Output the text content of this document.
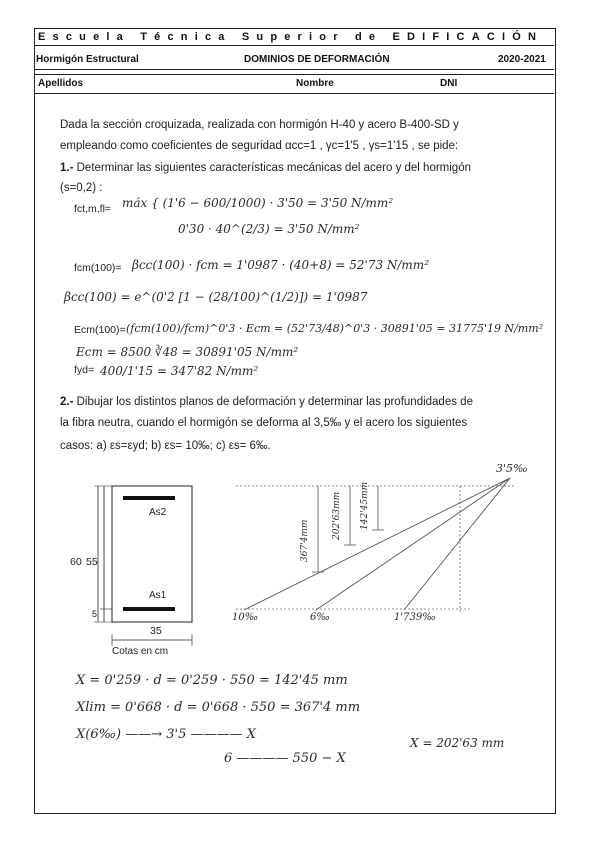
Escuela Técnica Superior de EDIFICACIÓN
Hormigón Estructural	DOMINIOS DE DEFORMACIÓN	2020-2021
Apellidos	Nombre	DNI
Dada la sección croquizada, realizada con hormigón H-40 y acero B-400-SD y
empleando como coeficientes de seguridad αcc=1 , γc=1'5 , γs=1'15 , se pide:
1.- Determinar las siguientes características mecánicas del acero y del hormigón
(s=0,2) :
fct,m,fl= máx { (1'6 − 600/1000) · 3'50 = 3'50 N/mm²
0'30 · 40^(2/3) = 3'50 N/mm²
fcm(100)= βcc(100) · fcm = 1'0987 · (40+8) = 52'73 N/mm²
βcc(100) = e^(0'2 [1 − (28/100)^(1/2)]) = 1'0987
Ecm(100)= (fcm(100)/fcm)^0'3 · Ecm = (52'73/48)^0'3 · 30891'05 = 31775'19 N/mm²
Ecm = 8500 ∛48 = 30891'05 N/mm²
fyd= 400/1'15 = 347'82 N/mm²
2.- Dibujar los distintos planos de deformación y determinar las profundidades de
la fibra neutra, cuando el hormigón se deforma al 3,5‰ y el acero los siguientes
casos: a) εs=εyd; b) εs= 10‰; c) εs= 6‰.
As2
As1
60 55
5
35
Cotas en cm
3'5‰
10‰	6‰	1'739‰
142'45mm
202'63mm
367'4mm
X = 0'259 · d = 0'259 · 550 = 142'45 mm
Xlim = 0'668 · d = 0'668 · 550 = 367'4 mm
X(6‰) ——→ 3'5 ———— X
6 ———— 550 − X
X = 202'63 mm
